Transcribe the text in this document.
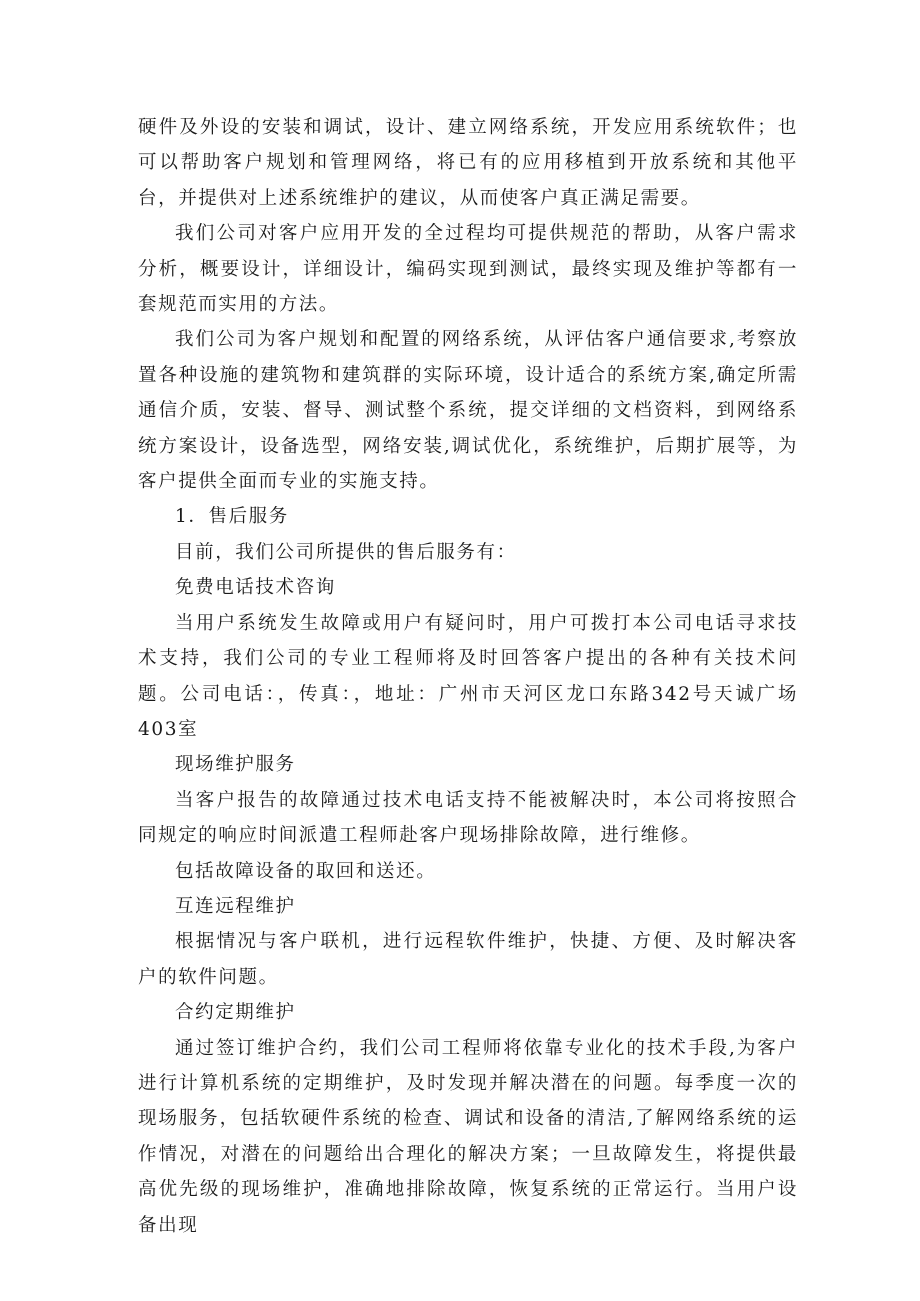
硬件及外设的安装和调试，设计、建立网络系统，开发应用系统软件；也可以帮助客户规划和管理网络，将已有的应用移植到开放系统和其他平台，并提供对上述系统维护的建议，从而使客户真正满足需要。

我们公司对客户应用开发的全过程均可提供规范的帮助，从客户需求分析，概要设计，详细设计，编码实现到测试，最终实现及维护等都有一套规范而实用的方法。

我们公司为客户规划和配置的网络系统，从评估客户通信要求,考察放置各种设施的建筑物和建筑群的实际环境，设计适合的系统方案,确定所需通信介质，安装、督导、测试整个系统，提交详细的文档资料，到网络系统方案设计，设备选型，网络安装,调试优化，系统维护，后期扩展等，为客户提供全面而专业的实施支持。

1．售后服务

目前，我们公司所提供的售后服务有：

免费电话技术咨询

当用户系统发生故障或用户有疑问时，用户可拨打本公司电话寻求技术支持，我们公司的专业工程师将及时回答客户提出的各种有关技术问题。公司电话：，传真：，地址：广州市天河区龙口东路342号天诚广场403室

现场维护服务

当客户报告的故障通过技术电话支持不能被解决时，本公司将按照合同规定的响应时间派遣工程师赴客户现场排除故障，进行维修。

包括故障设备的取回和送还。

互连远程维护

根据情况与客户联机，进行远程软件维护，快捷、方便、及时解决客户的软件问题。

合约定期维护

通过签订维护合约，我们公司工程师将依靠专业化的技术手段,为客户进行计算机系统的定期维护，及时发现并解决潜在的问题。每季度一次的现场服务，包括软硬件系统的检查、调试和设备的清洁,了解网络系统的运作情况，对潜在的问题给出合理化的解决方案；一旦故障发生，将提供最高优先级的现场维护，准确地排除故障，恢复系统的正常运行。当用户设备出现
